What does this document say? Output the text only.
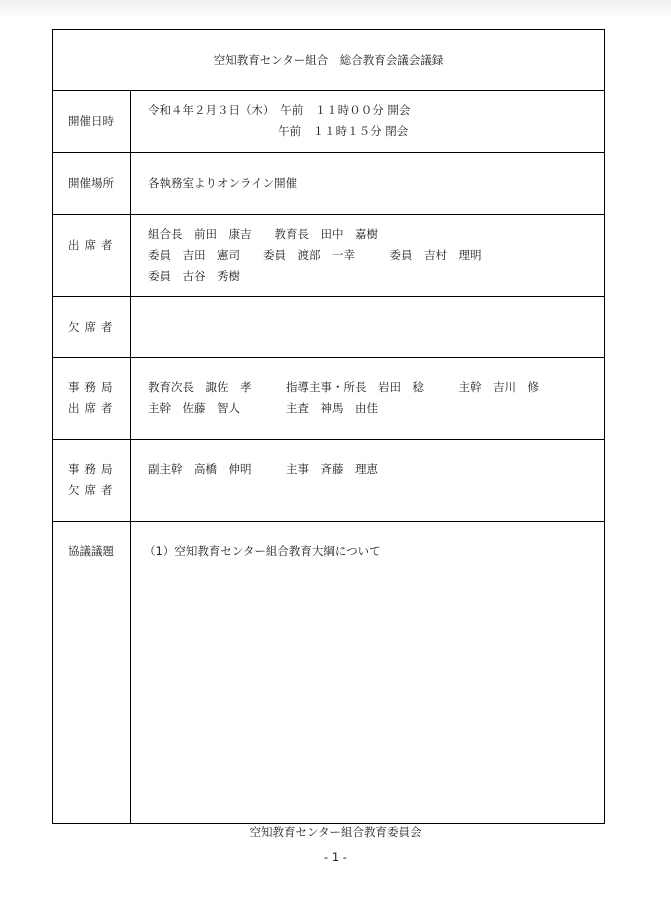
空知教育センター組合　総合教育会議会議録
開催日時
令和４年２月３日（木）　午前　１１時００分 開会
　　　　　　　　　　　 午前　１１時１５分 閉会
開催場所	各執務室よりオンライン開催
出席者
組合長　前田　康吉　　教育長　田中　嘉樹
委員　吉田　憲司　　委員　渡部　一幸　　　委員　吉村　理明
委員　古谷　秀樹
欠席者
事務局
出席者
教育次長　諏佐　孝　　　指導主事・所長　岩田　稔　　　主幹　吉川　修
主幹　佐藤　智人　　　　主査　神馬　由佳
事務局
欠席者
副主幹　高橋　伸明　　　主事　斉藤　理恵
協議議題	（1）空知教育センター組合教育大綱について
空知教育センター組合教育委員会
- 1 -
